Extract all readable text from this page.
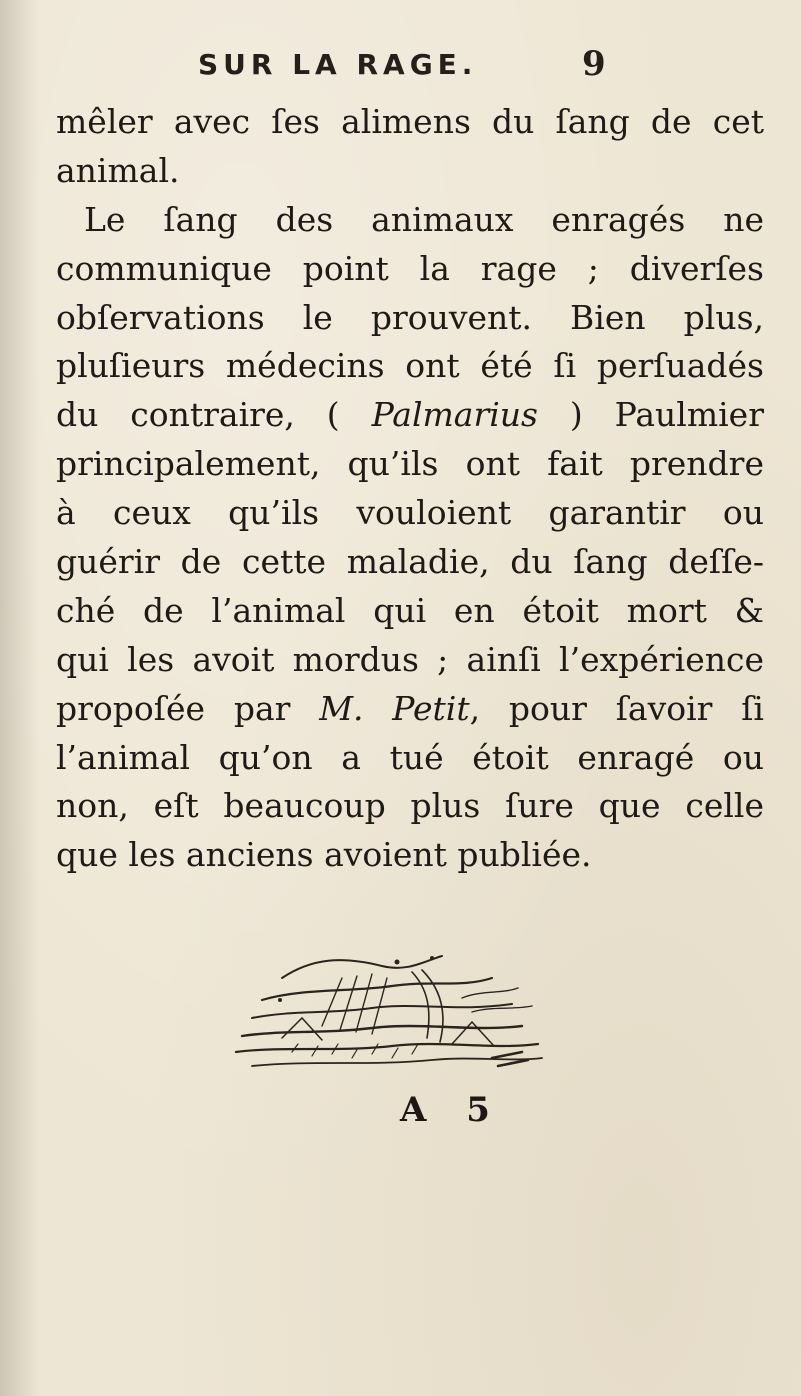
SUR LA RAGE.	9
mêler avec ſes alimens du ſang de cet
animal.
Le ſang des animaux enragés ne
communique point la rage ; diverſes
obſervations le prouvent. Bien plus,
pluſieurs médecins ont été ſi perſuadés
du contraire, ( Palmarius ) Paulmier
principalement, qu’ils ont fait prendre
à ceux qu’ils vouloient garantir ou
guérir de cette maladie, du ſang deſſe-
ché de l’animal qui en étoit mort &
qui les avoit mordus ; ainſi l’expérience
propoſée par M. Petit, pour ſavoir ſi
l’animal qu’on a tué étoit enragé ou
non, eſt beaucoup plus ſure que celle
que les anciens avoient publiée.
A 5
